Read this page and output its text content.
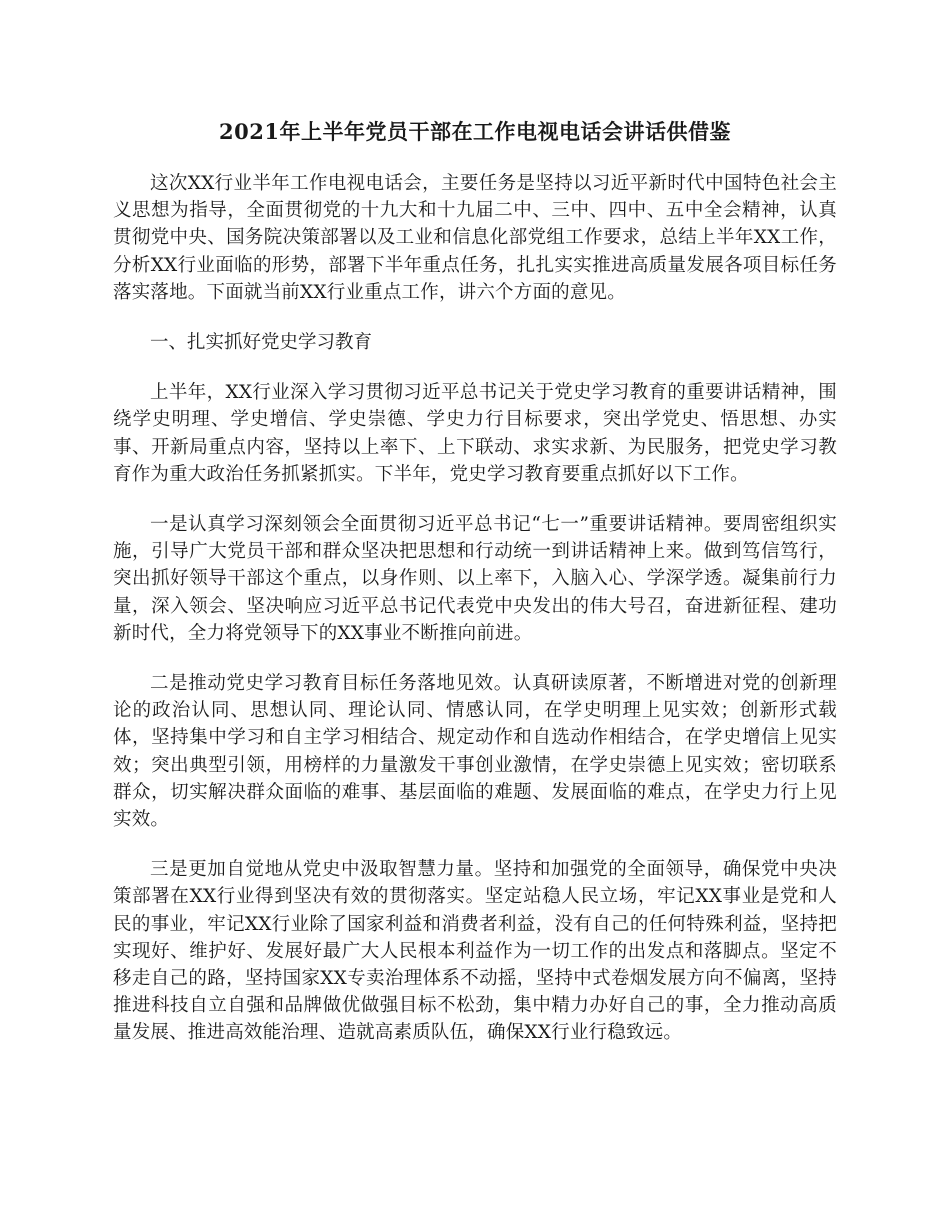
2021年上半年党员干部在工作电视电话会讲话供借鉴

这次XX行业半年工作电视电话会，主要任务是坚持以习近平新时代中国特色社会主义思想为指导，全面贯彻党的十九大和十九届二中、三中、四中、五中全会精神，认真贯彻党中央、国务院决策部署以及工业和信息化部党组工作要求，总结上半年XX工作，分析XX行业面临的形势，部署下半年重点任务，扎扎实实推进高质量发展各项目标任务落实落地。下面就当前XX行业重点工作，讲六个方面的意见。

一、扎实抓好党史学习教育

上半年，XX行业深入学习贯彻习近平总书记关于党史学习教育的重要讲话精神，围绕学史明理、学史增信、学史崇德、学史力行目标要求，突出学党史、悟思想、办实事、开新局重点内容，坚持以上率下、上下联动、求实求新、为民服务，把党史学习教育作为重大政治任务抓紧抓实。下半年，党史学习教育要重点抓好以下工作。

一是认真学习深刻领会全面贯彻习近平总书记“七一”重要讲话精神。要周密组织实施，引导广大党员干部和群众坚决把思想和行动统一到讲话精神上来。做到笃信笃行，突出抓好领导干部这个重点，以身作则、以上率下，入脑入心、学深学透。凝集前行力量，深入领会、坚决响应习近平总书记代表党中央发出的伟大号召，奋进新征程、建功新时代，全力将党领导下的XX事业不断推向前进。

二是推动党史学习教育目标任务落地见效。认真研读原著，不断增进对党的创新理论的政治认同、思想认同、理论认同、情感认同，在学史明理上见实效；创新形式载体，坚持集中学习和自主学习相结合、规定动作和自选动作相结合，在学史增信上见实效；突出典型引领，用榜样的力量激发干事创业激情，在学史崇德上见实效；密切联系群众，切实解决群众面临的难事、基层面临的难题、发展面临的难点，在学史力行上见实效。

三是更加自觉地从党史中汲取智慧力量。坚持和加强党的全面领导，确保党中央决策部署在XX行业得到坚决有效的贯彻落实。坚定站稳人民立场，牢记XX事业是党和人民的事业，牢记XX行业除了国家利益和消费者利益，没有自己的任何特殊利益，坚持把实现好、维护好、发展好最广大人民根本利益作为一切工作的出发点和落脚点。坚定不移走自己的路，坚持国家XX专卖治理体系不动摇，坚持中式卷烟发展方向不偏离，坚持推进科技自立自强和品牌做优做强目标不松劲，集中精力办好自己的事，全力推动高质量发展、推进高效能治理、造就高素质队伍，确保XX行业行稳致远。
